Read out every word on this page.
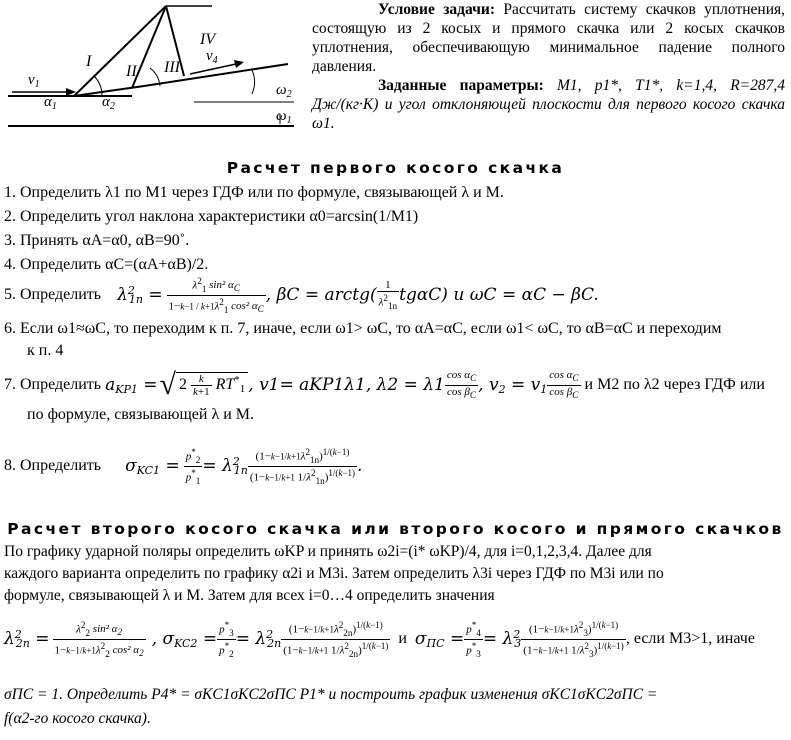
I
II III
IV
$v_1$
$v_4$
$\alpha_1$	$\alpha_2$
$\omega_2$
$\omega_1$
Условие задачи: Рассчитать систему скачков уплотнения, состоящую из 2 косых и прямого скачка или 2 косых скачков уплотнения, обеспечивающую минимальное падение полного давления.
Заданные параметры: M1, p1*, T1*, k=1,4, R=287,4 Дж/(кг·К) и угол отклоняющей плоскости для первого косого скачка ω1.
Расчет первого косого скачка
1. Определить λ1 по M1 через ГДФ или по формуле, связывающей λ и M.
2. Определить угол наклона характеристики α0=arcsin(1/M1)
3. Принять αA=α0, αB=90˚.
4. Определить αC=(αA+αB)/2.
5. Определить $\lambda^2_{1n} = \frac{\lambda^2_1 \sin^2 \alpha_C}{1-k-1 / k+1\lambda^2_1 \cos^2 \alpha_C}$ , βC = arctg( $\frac{1}{\lambda^2_{1n}} tg\alpha C$) и ωC = αC − βC.
6. Если ω1≈ωC, то переходим к п. 7, иначе, если ω1> ωC, то αA=αC, если ω1< ωC, то αB=αC и переходим
к п. 4
7. Определить $a_{KP1}$ = √ $2 \frac{k}{k+1} RT^*_1$ , v1= aKP1λ1, $\lambda 2 = \lambda 1 \frac{\cos \alpha_C}{\cos \beta_C}$ , $v_2 = v_1 \frac{\cos \alpha_C}{\cos \beta_C}$ и M2 по λ2 через ГДФ или
по формуле, связывающей λ и M.
8. Определить $\sigma_{KC1} = \frac{p^*_2}{p^*_1} = \lambda^2_{1n} \frac{(1-k-1/k+1\lambda^2_{1n})^{1/(k-1)}}{(1-k-1/k+1 1/\lambda^2_{1n})^{1/(k-1)}}$ .
Расчет второго косого скачка или второго косого и прямого скачков
По графику ударной поляры определить ωKP и принять ω2i=(i* ωKP)/4, для i=0,1,2,3,4. Далее для
каждого варианта определить по графику α2i и M3i. Затем определить λ3i через ГДФ по M3i или по
формуле, связывающей λ и M. Затем для всех i=0…4 определить значения
$\lambda^2_{2n} = \frac{\lambda^2_2 \sin^2 \alpha_2}{1-k-1/k+1\lambda^2_2 \cos^2 \alpha_2}$ , $\sigma_{KC2} = \frac{p^*_3}{p^*_2} = \lambda^2_{2n} \frac{(1-k-1/k+1\lambda^2_{2n})^{1/(k-1)}}{(1-k-1/k+1 1/\lambda^2_{2n})^{1/(k-1)}}$ и $\sigma_{ПС} = \frac{p^*_4}{p^*_3} = \lambda^2_3 \frac{(1-k-1/k+1\lambda^2_3)^{1/(k-1)}}{(1-k-1/k+1 1/\lambda^2_3)^{1/(k-1)}}$ , если M3>1, иначе
σПС = 1. Определить P4* = σKC1σKC2σПС P1* и построить график изменения σKC1σKC2σПС =
f(α2-го косого скачка).
